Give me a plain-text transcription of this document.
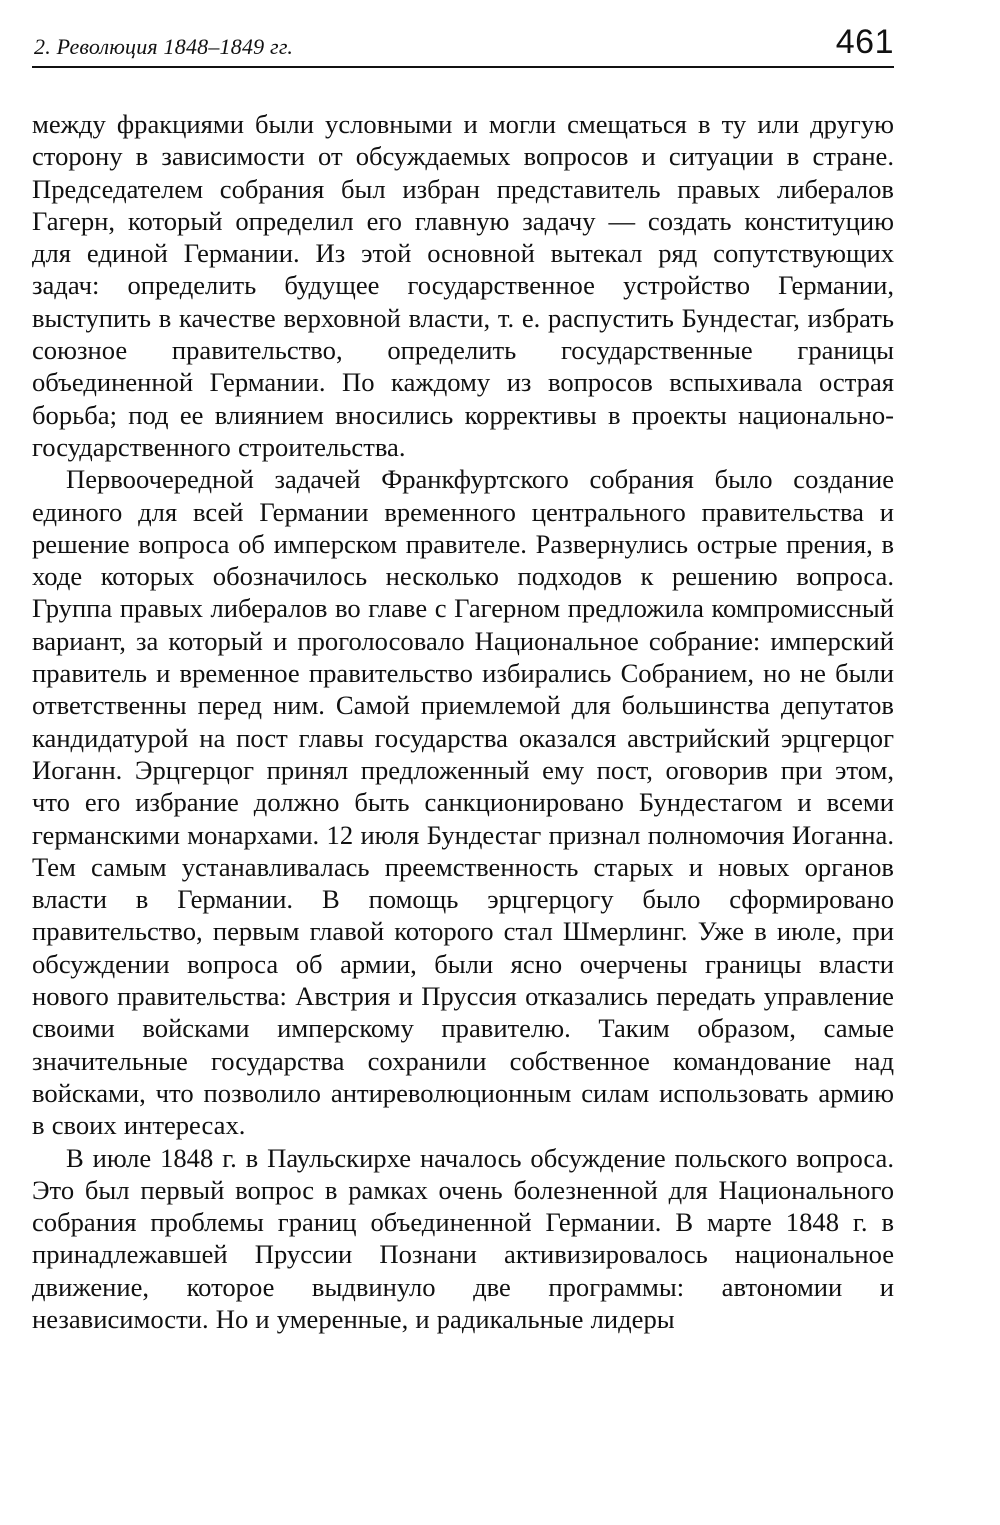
2. Революция 1848–1849 гг.	461

между фракциями были условными и могли смещаться в ту или другую сторону в зависимости от обсуждаемых вопросов и ситуации в стране. Председателем собрания был избран представитель правых либералов Гагерн, который определил его главную задачу — создать конституцию для единой Германии. Из этой основной вытекал ряд сопутствующих задач: определить будущее государственное устройство Германии, выступить в качестве верховной власти, т. е. распустить Бундестаг, избрать союзное правительство, определить государственные границы объединенной Германии. По каждому из вопросов вспыхивала острая борьба; под ее влиянием вносились коррективы в проекты национально-государственного строительства.

Первоочередной задачей Франкфуртского собрания было создание единого для всей Германии временного центрального правительства и решение вопроса об имперском правителе. Развернулись острые прения, в ходе которых обозначилось несколько подходов к решению вопроса. Группа правых либералов во главе с Гагерном предложила компромиссный вариант, за который и проголосовало Национальное собрание: имперский правитель и временное правительство избирались Собранием, но не были ответственны перед ним. Самой приемлемой для большинства депутатов кандидатурой на пост главы государства оказался австрийский эрцгерцог Иоганн. Эрцгерцог принял предложенный ему пост, оговорив при этом, что его избрание должно быть санкционировано Бундестагом и всеми германскими монархами. 12 июля Бундестаг признал полномочия Иоганна. Тем самым устанавливалась преемственность старых и новых органов власти в Германии. В помощь эрцгерцогу было сформировано правительство, первым главой которого стал Шмерлинг. Уже в июле, при обсуждении вопроса об армии, были ясно очерчены границы власти нового правительства: Австрия и Пруссия отказались передать управление своими войсками имперскому правителю. Таким образом, самые значительные государства сохранили собственное командование над войсками, что позволило антиреволюционным силам использовать армию в своих интересах.

В июле 1848 г. в Паульскирхе началось обсуждение польского вопроса. Это был первый вопрос в рамках очень болезненной для Национального собрания проблемы границ объединенной Германии. В марте 1848 г. в принадлежавшей Пруссии Познани активизировалось национальное движение, которое выдвинуло две программы: автономии и независимости. Но и умеренные, и радикальные лидеры
